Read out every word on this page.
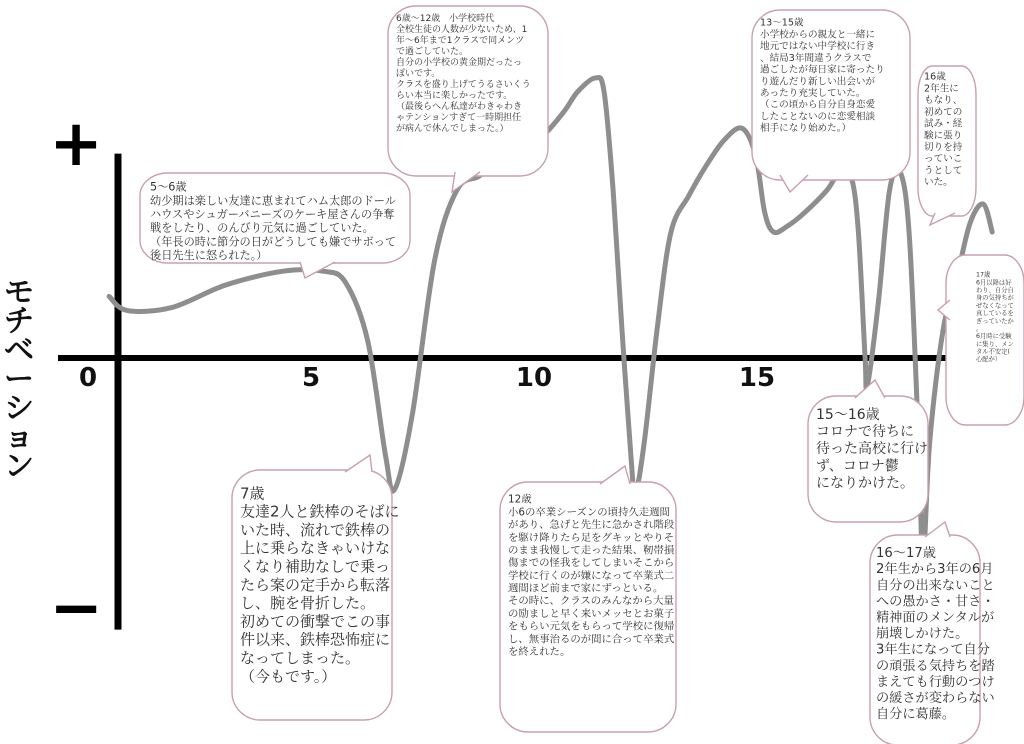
+
−
0	5	10	15
5〜6歳
幼少期は楽しい友達に恵まれてハム太郎のドール
ハウスやシュガーバニーズのケーキ屋さんの争奪
戦をしたり、のんびり元気に過ごしていた。
（年長の時に節分の日がどうしても嫌でサボって
後日先生に怒られた。）
6歳〜12歳　小学校時代
全校生徒の人数が少ないため、1
年〜6年まで1クラスで同メンツ
で過ごしていた。
自分の小学校の黄金期だったっ
ぽいです。
クラスを盛り上げてうるさいくう
らい本当に楽しかったです。
（最後らへん私達がわきゃわき
ゃテンションすぎて一時期担任
が病んで休んでしまった。）
13〜15歳
小学校からの親友と一緒に
地元ではない中学校に行き
、結局3年間違うクラスで
過ごしたが毎日家に寄ったり
り遊んだり新しい出会いが
あったり充実していた。
（この頃から自分自身恋愛
したことないのに恋愛相談
相手になり始めた。）
16歳
2年生に
もなり、
初めての
試み・経
験に張り
切りを持
っていこ
うとして
いた。
17歳
6月以降は好
わり、自分自
身の気持ちが
ぜなくなって
真しているを
ぎっていたか
。
6月時に受験
に集り、メン
タル不安定(
心配が）
7歳
友達2人と鉄棒のそばに
いた時、流れで鉄棒の
上に乗らなきゃいけな
くなり補助なしで乗っ
たら案の定手から転落
し、腕を骨折した。
初めての衝撃でこの事
件以来、鉄棒恐怖症に
なってしまった。
（今もです。）
12歳
小6の卒業シーズンの頃持久走週間
があり、急げと先生に急かされ階段
を駆け降りたら足をグキッとやりそ
のまま我慢して走った結果、靭帯損
傷までの怪我をしてしまいそこから
学校に行くのが嫌になって卒業式二
週間ほど前まで家にずっといる。
その時に、クラスのみんなから大量
の励ましと早く来いメッセとお菓子
をもらい元気をもらって学校に復帰
し、無事治るのが間に合って卒業式
を終えれた。
15〜16歳
コロナで待ちに
待った高校に行け
ず、コロナ鬱
になりかけた。
16〜17歳
2年生から3年の6月
自分の出来ないこと
への愚かさ・甘さ・
精神面のメンタルが
崩壊しかけた。
3年生になって自分
の頑張る気持ちを踏
まえても行動のつけ
の緩さが変わらない
自分に葛藤。
モ
チ
ベ
ー
シ
ョ
ン
